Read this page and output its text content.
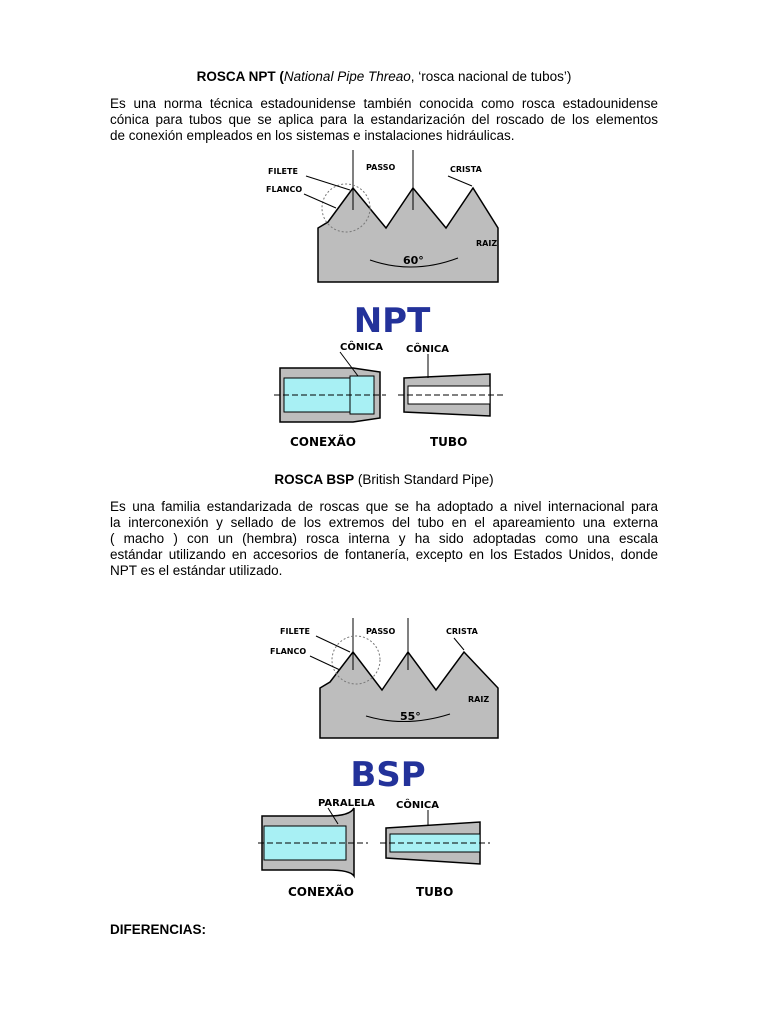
ROSCA NPT (National Pipe Threao, ‘rosca nacional de tubos’)
Es una norma técnica estadounidense también conocida como rosca estadounidense
cónica para tubos que se aplica para la estandarización del roscado de los elementos
de conexión empleados en los sistemas e instalaciones hidráulicas.
60°
FILETE
FLANCO
PASSO	CRISTA
RAIZ
NPT
CÔNICA CÔNICA
CONEXÃO	TUBO
ROSCA BSP (British Standard Pipe)
Es una familia estandarizada de roscas que se ha adoptado a nivel internacional para
la interconexión y sellado de los extremos del tubo en el apareamiento una externa
( macho ) con un (hembra) rosca interna y ha sido adoptadas como una escala
estándar utilizando en accesorios de fontanería, excepto en los Estados Unidos, donde
NPT es el estándar utilizado.
55°
FILETE
FLANCO
PASSO	CRISTA
RAIZ
BSP
PARALELA CÔNICA
CONEXÃO	TUBO
DIFERENCIAS:
